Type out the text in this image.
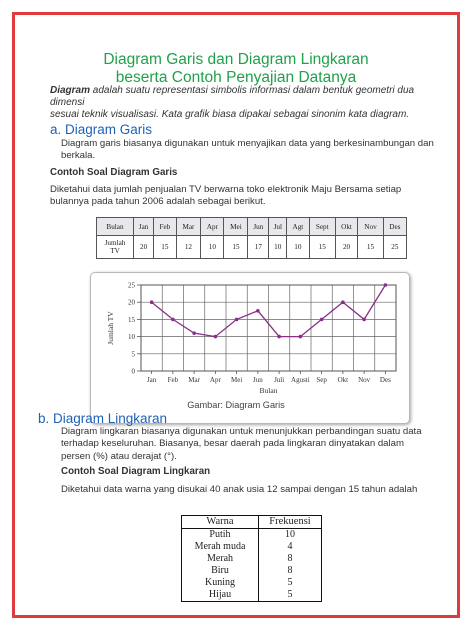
Diagram Garis dan Diagram Lingkaran
beserta Contoh Penyajian Datanya
Diagram adalah suatu representasi simbolis informasi dalam bentuk geometri dua dimensi
sesuai teknik visualisasi. Kata grafik biasa dipakai sebagai sinonim kata diagram.
a. Diagram Garis
Diagram garis biasanya digunakan untuk menyajikan data yang berkesinambungan dan
berkala.
Contoh Soal Diagram Garis
Diketahui data jumlah penjualan TV berwarna toko elektronik Maju Bersama setiap
bulannya pada tahun 2006 adalah sebagai berikut.
Bulan	Jan	Feb	Mar	Apr	Mei	Jun	Jul	Agt	Sept	Okt	Nov	Des

Jumlah
TV	20	15	12	10	15	17	10	10	15	20	15	25
0
5
10
15
20
25
Jan Feb Mar Apr Mei Jun Juli Agusti Sep Okt Nov Des
Bulan
Jumlah TV
Gambar: Diagram Garis
b. Diagram Lingkaran
Diagram lingkaran biasanya digunakan untuk menunjukkan perbandingan suatu data
terhadap keseluruhan. Biasanya, besar daerah pada lingkaran dinyatakan dalam
persen (%) atau derajat (°).
Contoh Soal Diagram Lingkaran
Diketahui data warna yang disukai 40 anak usia 12 sampai dengan 15 tahun adalah
Warna	Frekuensi
Putih	10
Merah muda	4
Merah	8
Biru	8
Kuning	5
Hijau	5
